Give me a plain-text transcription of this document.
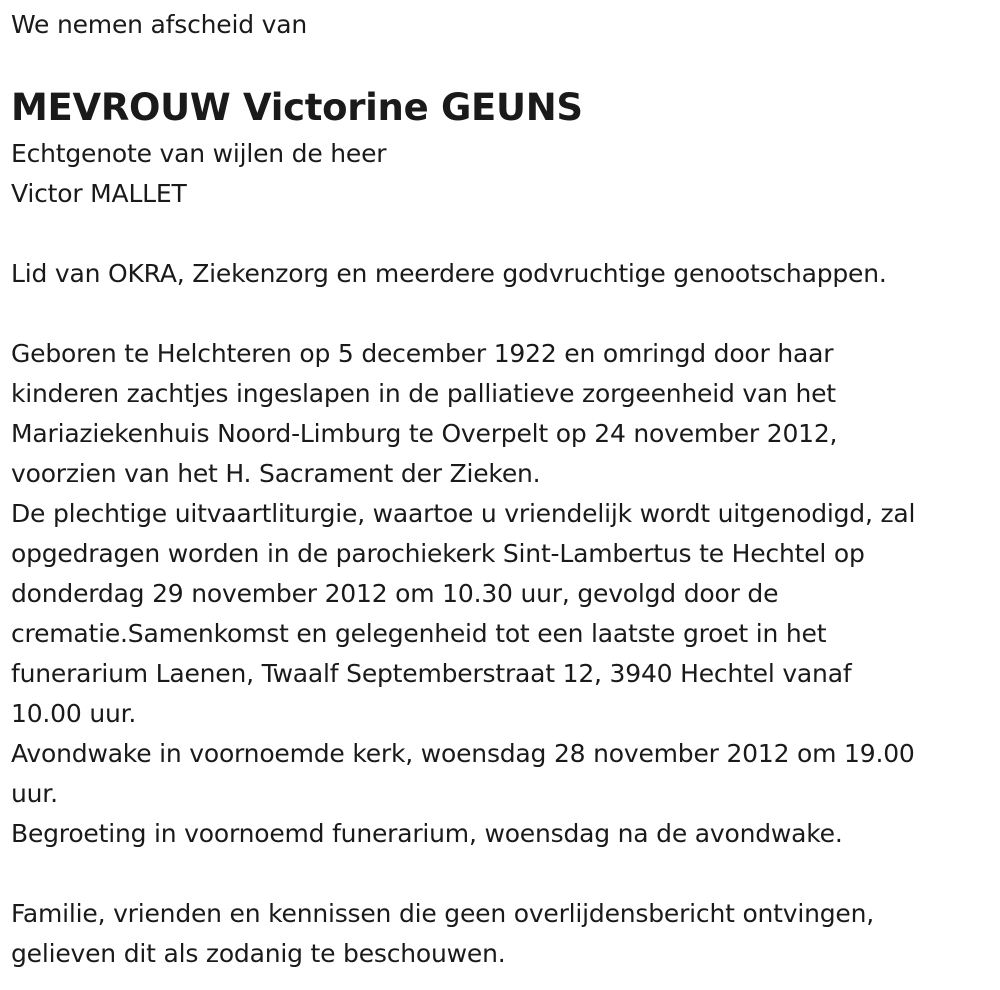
We nemen afscheid van

MEVROUW Victorine GEUNS

Echtgenote van wijlen de heer

Victor MALLET

Lid van OKRA, Ziekenzorg en meerdere godvruchtige genootschappen.

Geboren te Helchteren op 5 december 1922 en omringd door haar

kinderen zachtjes ingeslapen in de palliatieve zorgeenheid van het

Mariaziekenhuis Noord-Limburg te Overpelt op 24 november 2012,

voorzien van het H. Sacrament der Zieken.

De plechtige uitvaartliturgie, waartoe u vriendelijk wordt uitgenodigd, zal

opgedragen worden in de parochiekerk Sint-Lambertus te Hechtel op

donderdag 29 november 2012 om 10.30 uur, gevolgd door de

crematie.Samenkomst en gelegenheid tot een laatste groet in het

funerarium Laenen, Twaalf Septemberstraat 12, 3940 Hechtel vanaf

10.00 uur.

Avondwake in voornoemde kerk, woensdag 28 november 2012 om 19.00

uur.

Begroeting in voornoemd funerarium, woensdag na de avondwake.

Familie, vrienden en kennissen die geen overlijdensbericht ontvingen,

gelieven dit als zodanig te beschouwen.
